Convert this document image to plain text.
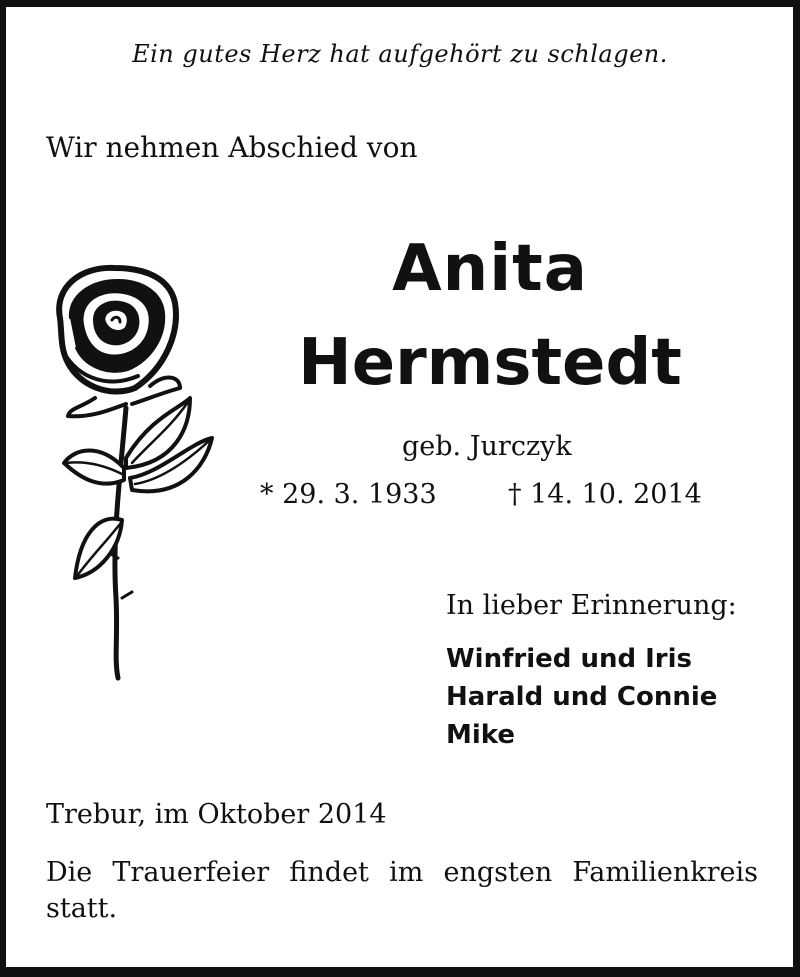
Ein gutes Herz hat aufgehört zu schlagen.
Wir nehmen Abschied von
Anita
Hermstedt
geb. Jurczyk
* 29. 3. 1933	† 14. 10. 2014
In lieber Erinnerung:
Winfried und Iris
Harald und Connie
Mike
Trebur, im Oktober 2014
Die Trauerfeier findet im engsten Familienkreis statt.
